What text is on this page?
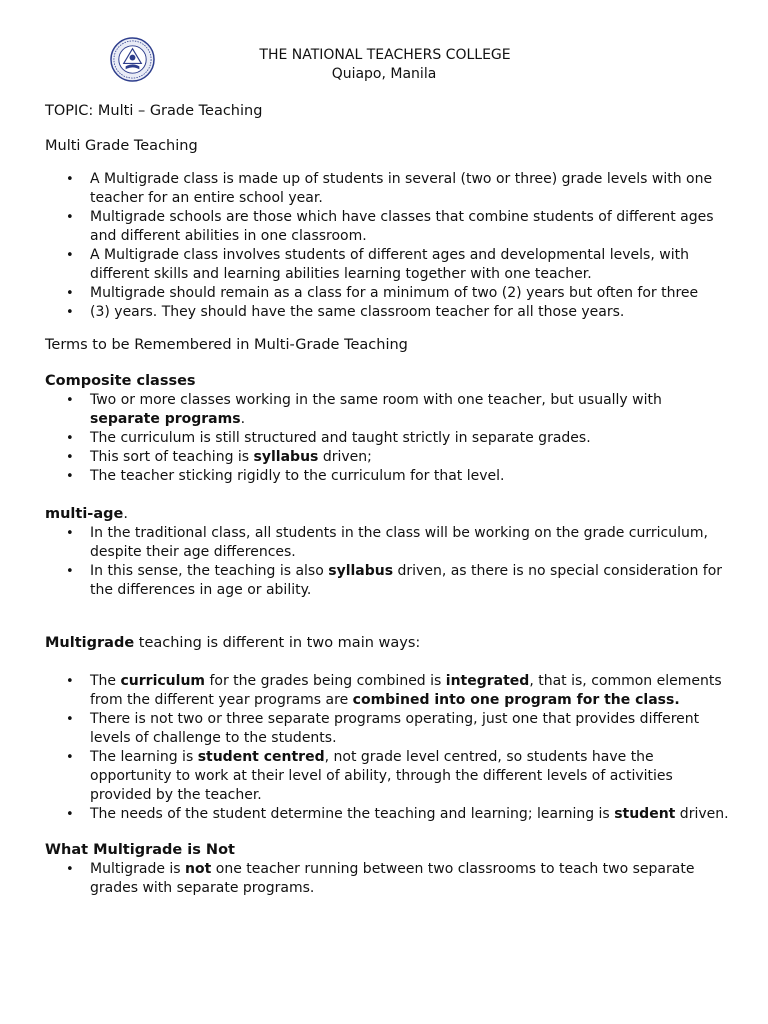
THE NATIONAL TEACHERS COLLEGE
Quiapo, Manila

TOPIC: Multi – Grade Teaching

Multi Grade Teaching

• A Multigrade class is made up of students in several (two or three) grade levels with one teacher for an entire school year.
• Multigrade schools are those which have classes that combine students of different ages and different abilities in one classroom.
• A Multigrade class involves students of different ages and developmental levels, with different skills and learning abilities learning together with one teacher.
• Multigrade should remain as a class for a minimum of two (2) years but often for three
• (3) years. They should have the same classroom teacher for all those years.

Terms to be Remembered in Multi-Grade Teaching

Composite classes

• Two or more classes working in the same room with one teacher, but usually with separate programs.
• The curriculum is still structured and taught strictly in separate grades.
• This sort of teaching is syllabus driven;
• The teacher sticking rigidly to the curriculum for that level.

multi-age.

• In the traditional class, all students in the class will be working on the grade curriculum, despite their age differences.
• In this sense, the teaching is also syllabus driven, as there is no special consideration for the differences in age or ability.

Multigrade teaching is different in two main ways:

• The curriculum for the grades being combined is integrated, that is, common elements from the different year programs are combined into one program for the class.
• There is not two or three separate programs operating, just one that provides different levels of challenge to the students.
• The learning is student centred, not grade level centred, so students have the opportunity to work at their level of ability, through the different levels of activities provided by the teacher.
• The needs of the student determine the teaching and learning; learning is student driven.

What Multigrade is Not

• Multigrade is not one teacher running between two classrooms to teach two separate grades with separate programs.
